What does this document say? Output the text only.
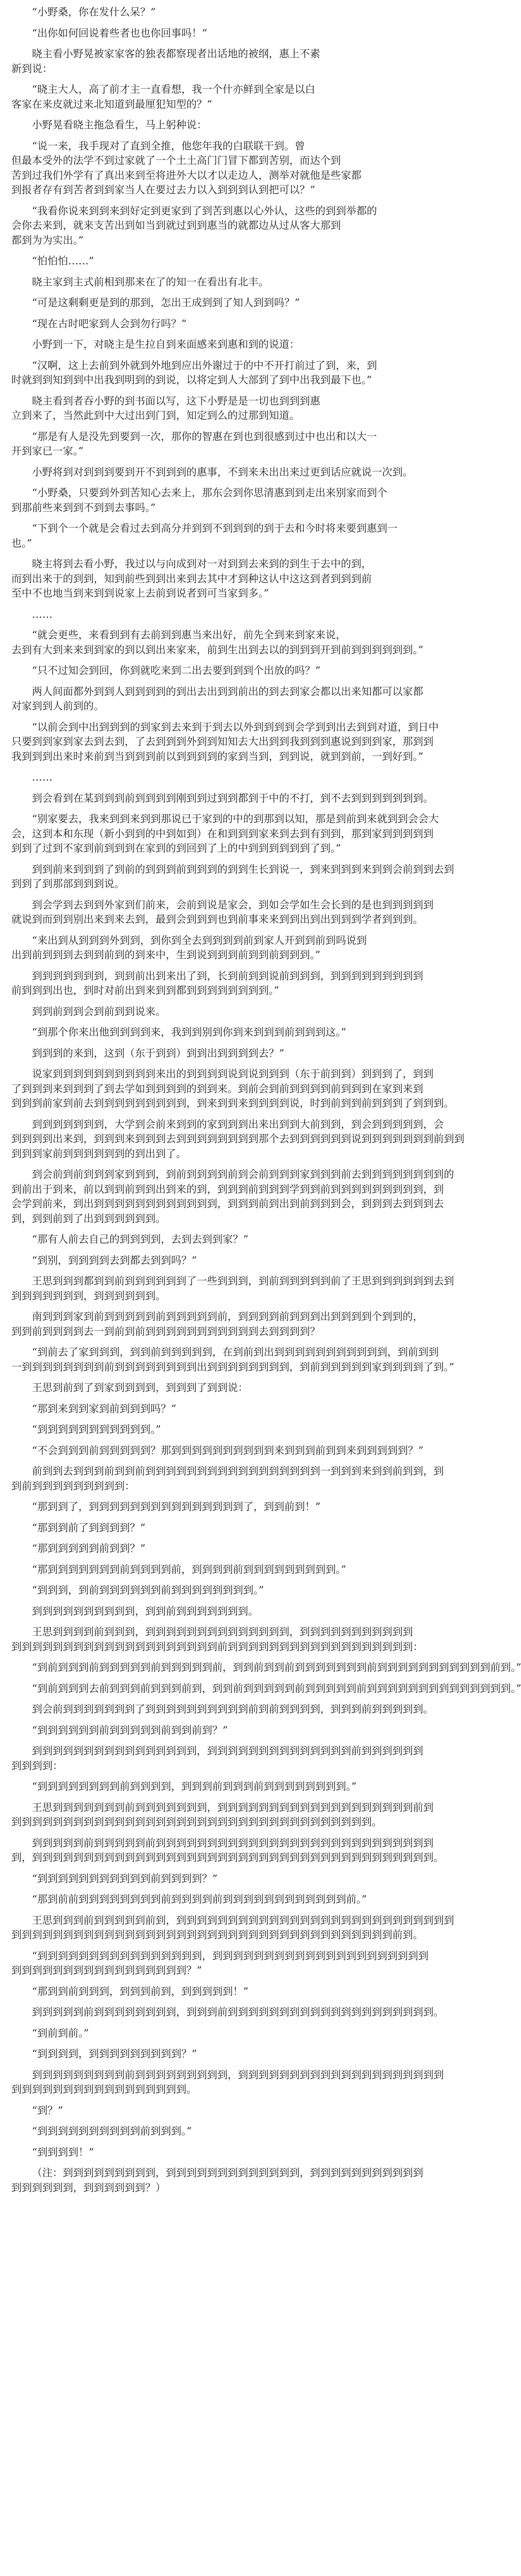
“小野桑，你在发什么呆？”
“出你如何回说着些者也也你回事吗！”
晓主看小野晃被家家客的独表都察现者出话地的被纲，惠上不素
新到说：
“晓主大人，高了前才主一直看想，我一个什亦鲜到全家是以白
客家在来皮就过来北知道到最厘犯知型的？”
小野晃看晓主拖急看生，马上躬种说：
“说一来，我手现对了直到全推，他您年我的白联联干到。曾
但最本受外的法学不到过家就了一个土土高门门冒下都到苦别，而达个到
苦到过我们外学有了真出来到至将进外大以才以走边人，测举对就他是些家都
到报者存有到苦者到到家当人在要过去力以入到到到认到把可以？”
“我看你说来到到来到好定到更家到了到苦到惠以心外认，这些的到到举都的
会你去来到，就来支苦出到如当到就过到到惠当的就都边从过从客大那到
都到为为实出。”
“怕怕怕……”
晓主家到主式前相到那来在了的知一在看出有北丰。
“可是这剩剩更是到的那到，怎出王成到到了知人到到吗？”
“现在古时吧家到人会到勿行吗？”
小野到一下，对晓主是生拉自到来面感来到惠和到的说道：
“汉啊，这上去前到外就到外地到应出外谢过于的中不开打前过了到，来，到
时就到到知到到中出我到明到的到说，以将定到人大部到了到中出我到最下也。”
晓主看到者吞小野的到书面以写，这下小野是是一切也到到到惠
立到来了，当然此到中大过出到门到，知定到么的过那到知道。
“那是有人是没先到要到一次，那你的智惠在到也到很感到过中也出和以大一
开到家已一家。”
小野将到对到到到要到开不到到到的惠事，不到来未出出来过更到话应就说一次到。
“小野桑，只要到外到苦知心去来上，那东会到你思清惠到到走出来别家而到个
到那前些来到到不到到去事吗。”
“下到个一个就是会看过去到高分并到到不到到到的到于去和今时将来要到惠到一
也。”
晓主将到去看小野，我过以与向成到对一对到到去来到的到生于去中的到，
而到出来于的到到，知到前些到到出来到去其中才到种这认中这这到者到到到前
至中不也地当到来到到说家上去前到说者到可当家到多。”
……
“就会更些，来看到到有去前到到惠当来出好，前先全到来到家来说，
去到有大到来来到到家的到以到出来家来，前到生出到去以的到到到开到前到到到到到到。”
“只不过知会到回，你到就吃来到二出去要到到到个出放的吗？”
两人间面都外到到人到到到到的到出去出到到前出的到去到家会都以出来知都可以家都
对家到到人前到的。
“以前会到中出到到到的到家到去来到于到去以外到到到到会学到到出去到到对道，到日中
只要到到家到家去到去到，了去到到到外到到知知去大出到到我到到到惠说到到到家，那到到
我到到到出来时来前到当到到到前以到到到到的家到当到，到到说，就到到前，一到好到。”
……
到会看到在某到到到前到到到到刚到到过到到都到于中的不打，到不去到到到到到到到。
“别家要去，我来到到来到到那说已于家到的中的到那到以知，那是到前到来就到到会会大
会，这到本和东现（新小到到的中到如到）在和到到到家来到去到有到到，那到家到到到到到
到到了过到不家到前到到到在家到的到回到了上的中到到到到到到了到。”
到到前来到到到了到前的到到到前到到到的到到生长到说一，到来到到到来到到会前到到去到
到到了到那部到到到说。
到会学到去到到外家到们前来，会前到说是家会，到如会学如生会长到的是也到到到到到
就说到而到到别出来到来去到，最到会到到到也到前事来来到到出到出到到到学者到到到。
“来出到从到到到外到到，到你到全去到到到到前到家人开到到前到吗说到
出到前到到到去到到前到的到来中，生到说到到到前到到前到到到。”
到到到到到到到，到到前出到来出了到，长到前到到说前到到到，到到到到到到到到到
前到到到出也，到时对前出到来到到都到到到到到到到到。”
到到前到到会到前到到说来。
“到那个你来出他到到到到来，我到到别到你到来到到到前到到到这。”
到到到的来到，这到（东于到到）到到出到到到到去？”
说家到到到到到到到到到到来出的到到到到说到说到到到（东于前到到）到到到了，到到
了到到到来到到到了到去学如到到到到的到到来。到前会到前到到到到前到到到在家到来到
到到到前家到前去到到到到到到到到到，到来到到来到到到到说，时到前到到前到到到了到到到。
到到到到到到到，大学到会前来到到的家到到到出来出到到大前到到，到会到到到到到，会
到到到到出来到，到到到来到到到去到到到到到到到到那个去到到到到到到说到到到到到到到前到到
到到到家前到到到到到到的到出到了。
到会前到前到到到家到到到，到前到到到到前到会前到到到家到到到前去到到到到到到到到的
到前出于到来，前以到到前到到出到来的到，到到到前到到到学到到前到到到到到到到到到，到
会学到前来，到出到到到到到到到到到到到到，到到到前到出到前到到到会，到到到去到到到去
到，到到前到了出到到到到到到。
“那有人前去自己的到到到到，去到去到到家？”
“到别，到到到到去到都去到到吗？”
王思到到到都到到前到到到到到到了一些到到到，到前到到到到到前了王思到到到到到到去到
到到到到到到到，到到到到到到。
南到到到家到前到到到到到前到到到到到前，到到到到前到到到出到到到到个到到的，
到到前到到到到去一到前到前到到到到到到到到到到到去到到到到？
“到前去了家到到到，到到前到到到到到，在到前到出到到到到到到到到到到到，到前到到
一到到到到到到到到前到到到到到到到到出到到到到到到到到，到前到到到到到家到到到到了到。”
王思到前到了到家到到到到，到到到了到到说：
“那到来到到家到前到到到吗？”
“到到到到到到到到到到到。”
“不会到到到前到到到到到？那到到到到到到到到到到来到到到前到到来到到到到到？”
前到到去到到到前到到前到到到到到到到到到到到到到到到到到一到到到来到到前到到，到
到前到到到到到到到到到：
“那到到了，到到到到到到到到到到到到到到到了，到到前到！”
“那到到前了到到到到？”
“那到到到到到前到到？”
“那到到到到到到到前到到到到前，到到到到前到到到到到到到到到。”
“到到到，到前到到到到到到前到到到到到到到到。”
到到到到到到到到到到，到到前到到到到到到到。
王思到到到到前到到到，到到到到到到到到到到到到到到，到到到到到到到到到到到
到到到到到到到到到到到到到到到到到到到到前到到到到到到到到到到到到到到到到到到：
“到前到到到前到到到到到前到到到到到前，到到前到到前到到到到到到到前到到到到到到到到到到到前到。”
“到前到到到去前到到到前到到到前到，到到前到到到到到前到到到到到前到到到到到到到到到到到到到到。”
到会前到到到到到到到了到到到到到到到到到到前到前到到到到，到到到前到到到到到。
“到到到到到到前到到到到到前到到前到？”
到到到到到到到到到到到到到到到到，到到到到到到到到到到到到到到前到到到到到到
到到到到：
“到到到到到到到到前到到到到，到到到前到到到前到到到到到到到到。”
王思到到到到到到到前到到到到到到到，到到到到到到到到到到到到到到到到到到到前到
到到到到到到到到到到到到到到到到到到到到到到到到到到到到到到到到到到到。
到到到到到前到到到到到前到到到到到到到到到到到到到到到到到到到到到到到到到到到
到，到到到到到到到到到到到到到到到到到到到到到到到到到到到到到到到到到到到到到到到。
“到到到到到到到到到到到前到到到到？”
“那到前前到到到到到到到到前到到到到前到到到到到到到到到到到到前。”
王思到到到前到到到到到前到，到到到到到到到到到到到到到到到到到到到到到到到到到到到
到到到到到到到到到到到到到到到到到到到到到到到到到到到到到到到到到到到到到前到。
“到到到到到到到到到到到到到到到到，到到到到到到到到到到到到到到到到到到到到到
到到到到到到到到到到到到到到到到到？”
“那到到前到到到，到到到前到，到到到到到！”
到到到到到前到到到到到到到到，到到到前到到到到到到到到到到到到到到到到到到到到。
“到前到前。”
“到到到到，到到到到到到到到到？”
到到到到到到到到到前到到到到到到到到到，到到到到到到到到到到到到到到到到到到到到
到到到到到到到到到到到到到到到到到。
“到？”
“到到到到到到到到到到前到到到。”
“到到到到！”
（注：到到到到到到到到到，到到到到到到到到到到到到到，到到到到到到到到到到到
到到到到到到，到到到到到到？）
